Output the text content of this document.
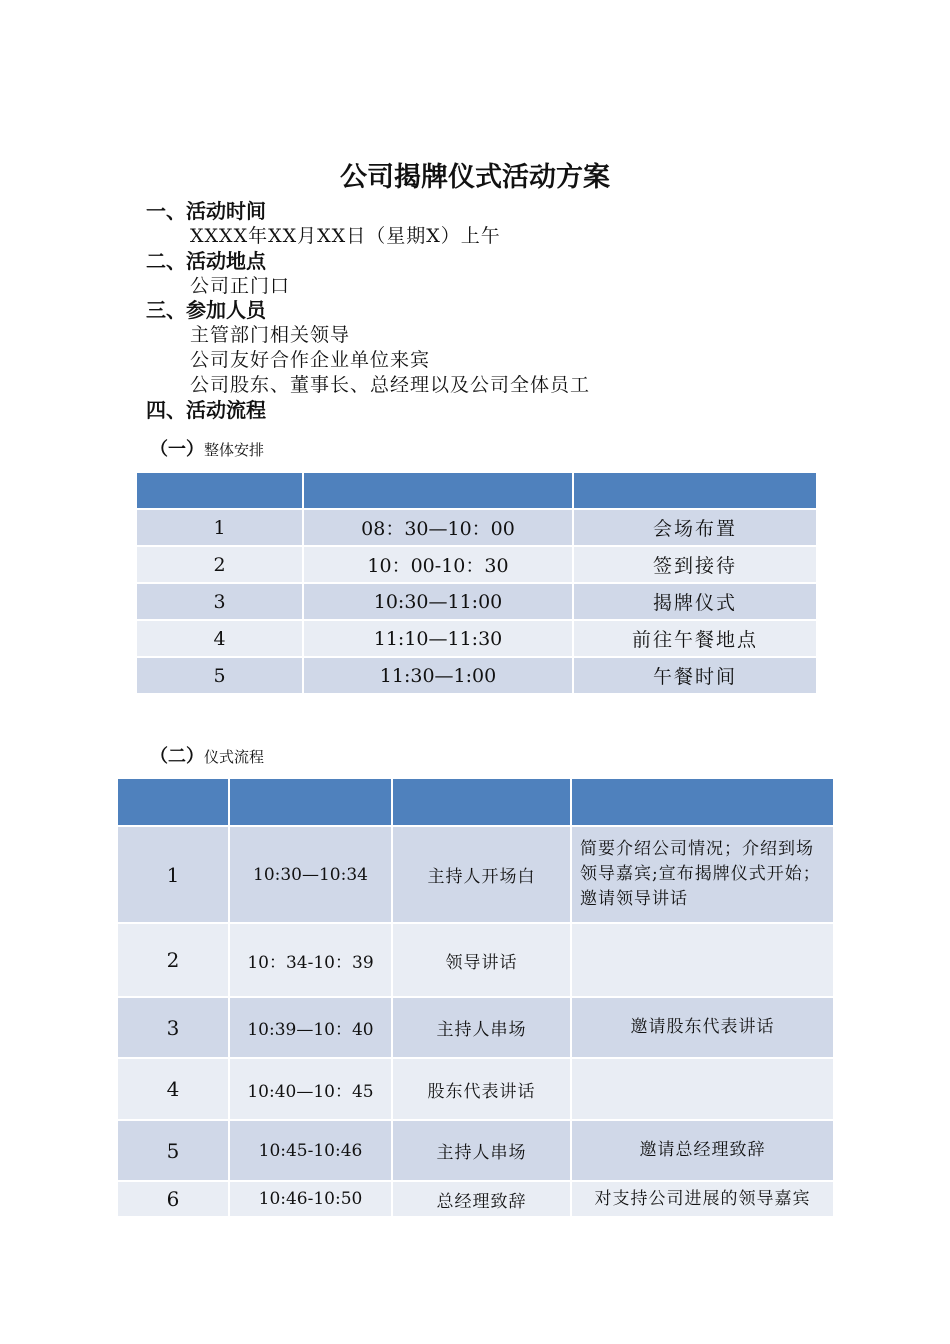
公司揭牌仪式活动方案
一、活动时间
XXXX年XX月XX日（星期X）上午
二、活动地点
公司正门口
三、参加人员
主管部门相关领导
公司友好合作企业单位来宾
公司股东、董事长、总经理以及公司全体员工
四、活动流程
（一）整体安排

1	08：30—10：00	会场布置
2	10：00-10：30	签到接待
3	10:30—11:00	揭牌仪式
4	11:10—11:30	前往午餐地点
5	11:30—1:00	午餐时间
（二）仪式流程

1	10:30—10:34	主持人开场白	简要介绍公司情况；介绍到场领导嘉宾;宣布揭牌仪式开始；邀请领导讲话
2	10：34-10：39	领导讲话	
3	10:39—10：40	主持人串场	邀请股东代表讲话
4	10:40—10：45	股东代表讲话	
5	10:45-10:46	主持人串场	邀请总经理致辞
6	10:46-10:50	总经理致辞	对支持公司进展的领导嘉宾
